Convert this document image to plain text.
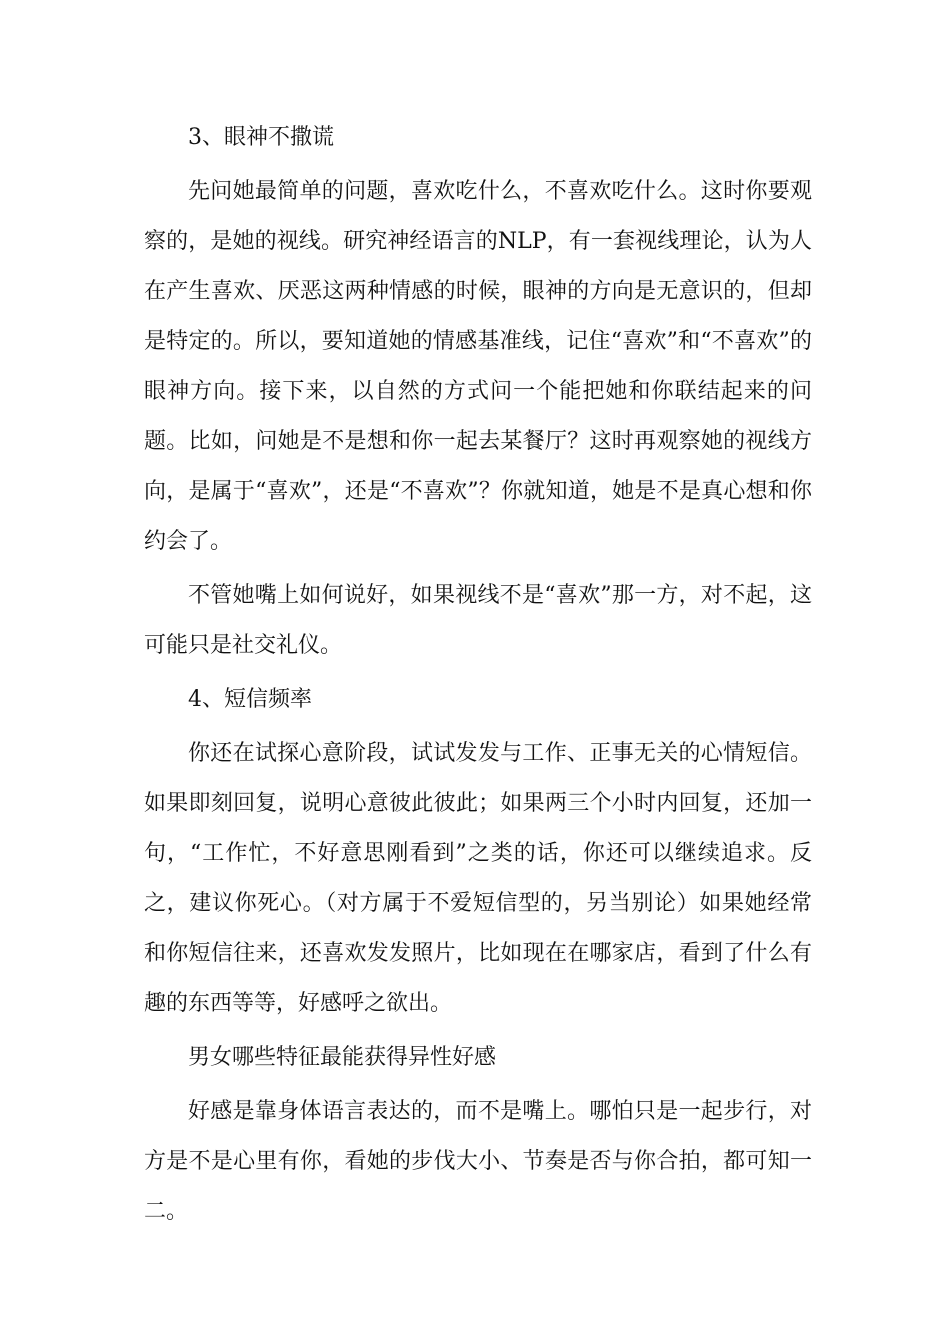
3、眼神不撒谎

先问她最简单的问题，喜欢吃什么，不喜欢吃什么。这时你要观察的，是她的视线。研究神经语言的NLP，有一套视线理论，认为人在产生喜欢、厌恶这两种情感的时候，眼神的方向是无意识的，但却是特定的。所以，要知道她的情感基准线，记住“喜欢”和“不喜欢”的眼神方向。接下来，以自然的方式问一个能把她和你联结起来的问题。比如，问她是不是想和你一起去某餐厅？这时再观察她的视线方向，是属于“喜欢”，还是“不喜欢”？你就知道，她是不是真心想和你约会了。

不管她嘴上如何说好，如果视线不是“喜欢”那一方，对不起，这可能只是社交礼仪。

4、短信频率

你还在试探心意阶段，试试发发与工作、正事无关的心情短信。如果即刻回复，说明心意彼此彼此；如果两三个小时内回复，还加一句，“工作忙，不好意思刚看到”之类的话，你还可以继续追求。反之，建议你死心。（对方属于不爱短信型的，另当别论）如果她经常和你短信往来，还喜欢发发照片，比如现在在哪家店，看到了什么有趣的东西等等，好感呼之欲出。

男女哪些特征最能获得异性好感

好感是靠身体语言表达的，而不是嘴上。哪怕只是一起步行，对方是不是心里有你，看她的步伐大小、节奏是否与你合拍，都可知一二。
